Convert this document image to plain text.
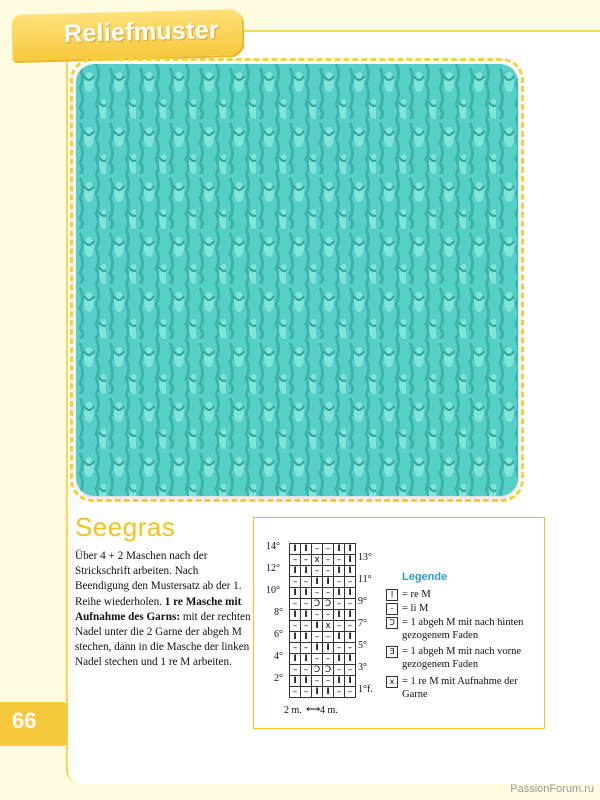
Reliefmuster
Seegras
Über 4 + 2 Maschen nach der Strickschrift arbeiten. Nach Beendigung den Mustersatz ab der 1. Reihe wiederholen. 1 re Masche mit Aufnahme des Garns: mit der rechten Nadel unter die 2 Garne der abgeh M stechen, dann in die Masche der linken Nadel stechen und 1 re M arbeiten.
I I – – I I
– – x – – I
I I – – I I
– – I I – –
I I – – I I
– – Ɔ Ɔ – –
I I – – I I
– – I x – –
I I – – I I
– – I I – –
I I – – I I
– – Ɔ Ɔ – –
I I – – I I
– – I I – –
14°
12°
10°
8°
6°
4°
2°
13°
11°
9°
7°
5°
3°
1°f.
2 m. ⟷ 4 m.
Legende
I = re M
– = li M
Ɔ = 1 abgeh M mit nach hinten gezogenem Faden
Ǝ = 1 abgeh M mit nach vorne gezogenem Faden
x = 1 re M mit Aufnahme der Garne
66
PassionForum.ru
